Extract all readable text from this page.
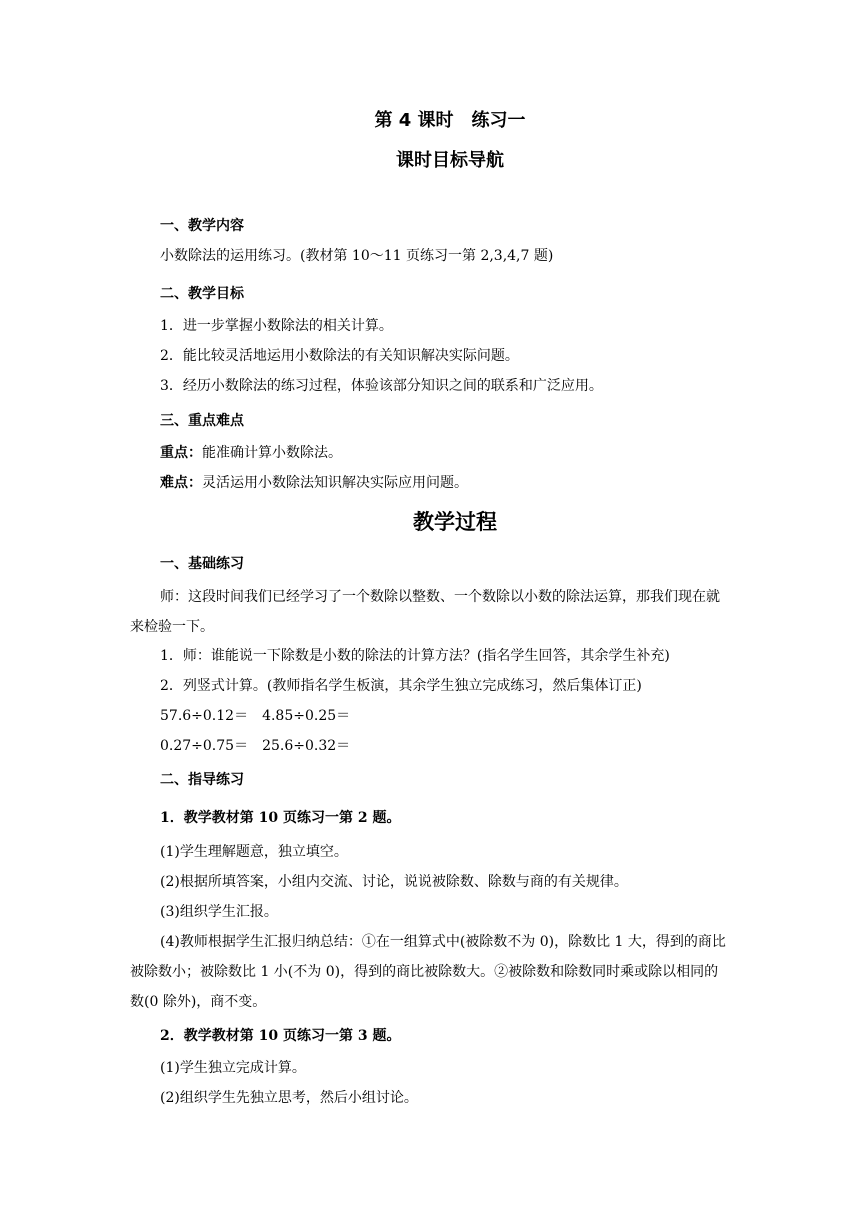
第 4 课时　练习一
课时目标导航
一、教学内容
小数除法的运用练习。(教材第 10～11 页练习一第 2,3,4,7 题)
二、教学目标
1．进一步掌握小数除法的相关计算。
2．能比较灵活地运用小数除法的有关知识解决实际问题。
3．经历小数除法的练习过程，体验该部分知识之间的联系和广泛应用。
三、重点难点
重点：能准确计算小数除法。
难点：灵活运用小数除法知识解决实际应用问题。
教学过程
一、基础练习
师：这段时间我们已经学习了一个数除以整数、一个数除以小数的除法运算，那我们现在就来检验一下。
1．师：谁能说一下除数是小数的除法的计算方法？(指名学生回答，其余学生补充)
2．列竖式计算。(教师指名学生板演，其余学生独立完成练习，然后集体订正)
57.6÷0.12＝　4.85÷0.25＝
0.27÷0.75＝　25.6÷0.32＝
二、指导练习
1．教学教材第 10 页练习一第 2 题。
(1)学生理解题意，独立填空。
(2)根据所填答案，小组内交流、讨论，说说被除数、除数与商的有关规律。
(3)组织学生汇报。
(4)教师根据学生汇报归纳总结：①在一组算式中(被除数不为 0)，除数比 1 大，得到的商比被除数小；被除数比 1 小(不为 0)，得到的商比被除数大。②被除数和除数同时乘或除以相同的数(0 除外)，商不变。
2．教学教材第 10 页练习一第 3 题。
(1)学生独立完成计算。
(2)组织学生先独立思考，然后小组讨论。
